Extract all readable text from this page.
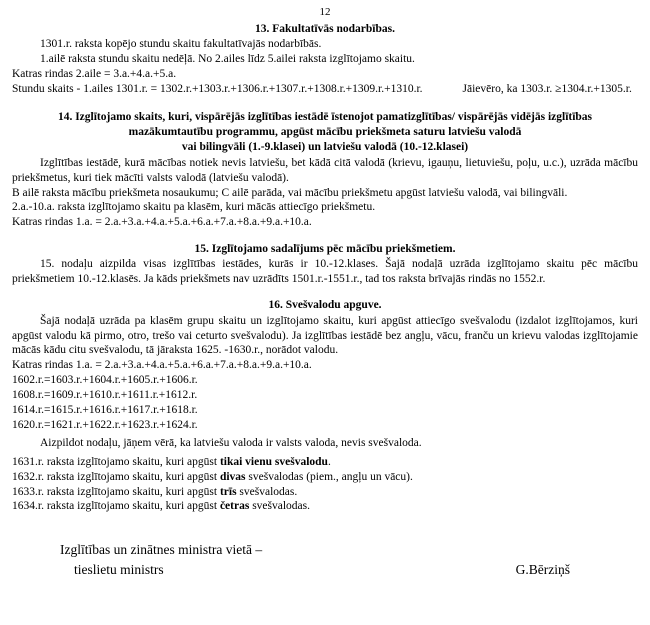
12
13. Fakultatīvās nodarbības.

1301.r. raksta kopējo stundu skaitu fakultatīvajās nodarbībās.

1.ailē raksta stundu skaitu nedēļā. No 2.ailes līdz 5.ailei raksta izglītojamo skaitu.

Katras rindas 2.aile = 3.a.+4.a.+5.a.

Stundu skaits - 1.ailes 1301.r. = 1302.r.+1303.r.+1306.r.+1307.r.+1308.r.+1309.r.+1310.r.	Jāievēro, ka 1303.r. ≥1304.r.+1305.r.
14. Izglītojamo skaits, kuri, vispārējās izglītības iestādē īstenojot pamatizglītības/ vispārējās vidējās izglītības
mazākumtautību programmu, apgūst mācību priekšmeta saturu latviešu valodā
vai bilingvāli (1.-9.klasei) un latviešu valodā (10.-12.klasei)

Izglītības iestādē, kurā mācības notiek nevis latviešu, bet kādā citā valodā (krievu, igauņu, lietuviešu, poļu, u.c.), uzrāda mācību priekšmetus, kuri tiek mācīti valsts valodā (latviešu valodā).

B ailē raksta mācību priekšmeta nosaukumu; C ailē parāda, vai mācību priekšmetu apgūst latviešu valodā, vai bilingvāli.

2.a.-10.a. raksta izglītojamo skaitu pa klasēm, kuri mācās attiecīgo priekšmetu.

Katras rindas 1.a. = 2.a.+3.a.+4.a.+5.a.+6.a.+7.a.+8.a.+9.a.+10.a.

15. Izglītojamo sadalījums pēc mācību priekšmetiem.

15. nodaļu aizpilda visas izglītības iestādes, kurās ir 10.-12.klases. Šajā nodaļā uzrāda izglītojamo skaitu pēc mācību priekšmetiem 10.-12.klasēs. Ja kāds priekšmets nav uzrādīts 1501.r.-1551.r., tad tos raksta brīvajās rindās no 1552.r.

16. Svešvalodu apguve.

Šajā nodaļā uzrāda pa klasēm grupu skaitu un izglītojamo skaitu, kuri apgūst attiecīgo svešvalodu (izdalot izglītojamos, kuri apgūst valodu kā pirmo, otro, trešo vai ceturto svešvalodu). Ja izglītības iestādē bez angļu, vācu, franču un krievu valodas izglītojamie mācās kādu citu svešvalodu, tā jāraksta 1625. -1630.r., norādot valodu.

Katras rindas 1.a. = 2.a.+3.a.+4.a.+5.a.+6.a.+7.a.+8.a.+9.a.+10.a.

1602.r.=1603.r.+1604.r.+1605.r.+1606.r.

1608.r.=1609.r.+1610.r.+1611.r.+1612.r.

1614.r.=1615.r.+1616.r.+1617.r.+1618.r.

1620.r.=1621.r.+1622.r.+1623.r.+1624.r.

Aizpildot nodaļu, jāņem vērā, ka latviešu valoda ir valsts valoda, nevis svešvaloda.

1631.r. raksta izglītojamo skaitu, kuri apgūst tikai vienu svešvalodu.

1632.r. raksta izglītojamo skaitu, kuri apgūst divas svešvalodas (piem., angļu un vācu).

1633.r. raksta izglītojamo skaitu, kuri apgūst trīs svešvalodas.

1634.r. raksta izglītojamo skaitu, kuri apgūst četras svešvalodas.

Izglītības un zinātnes ministra vietā –
tieslietu ministrs	G.Bērziņš
